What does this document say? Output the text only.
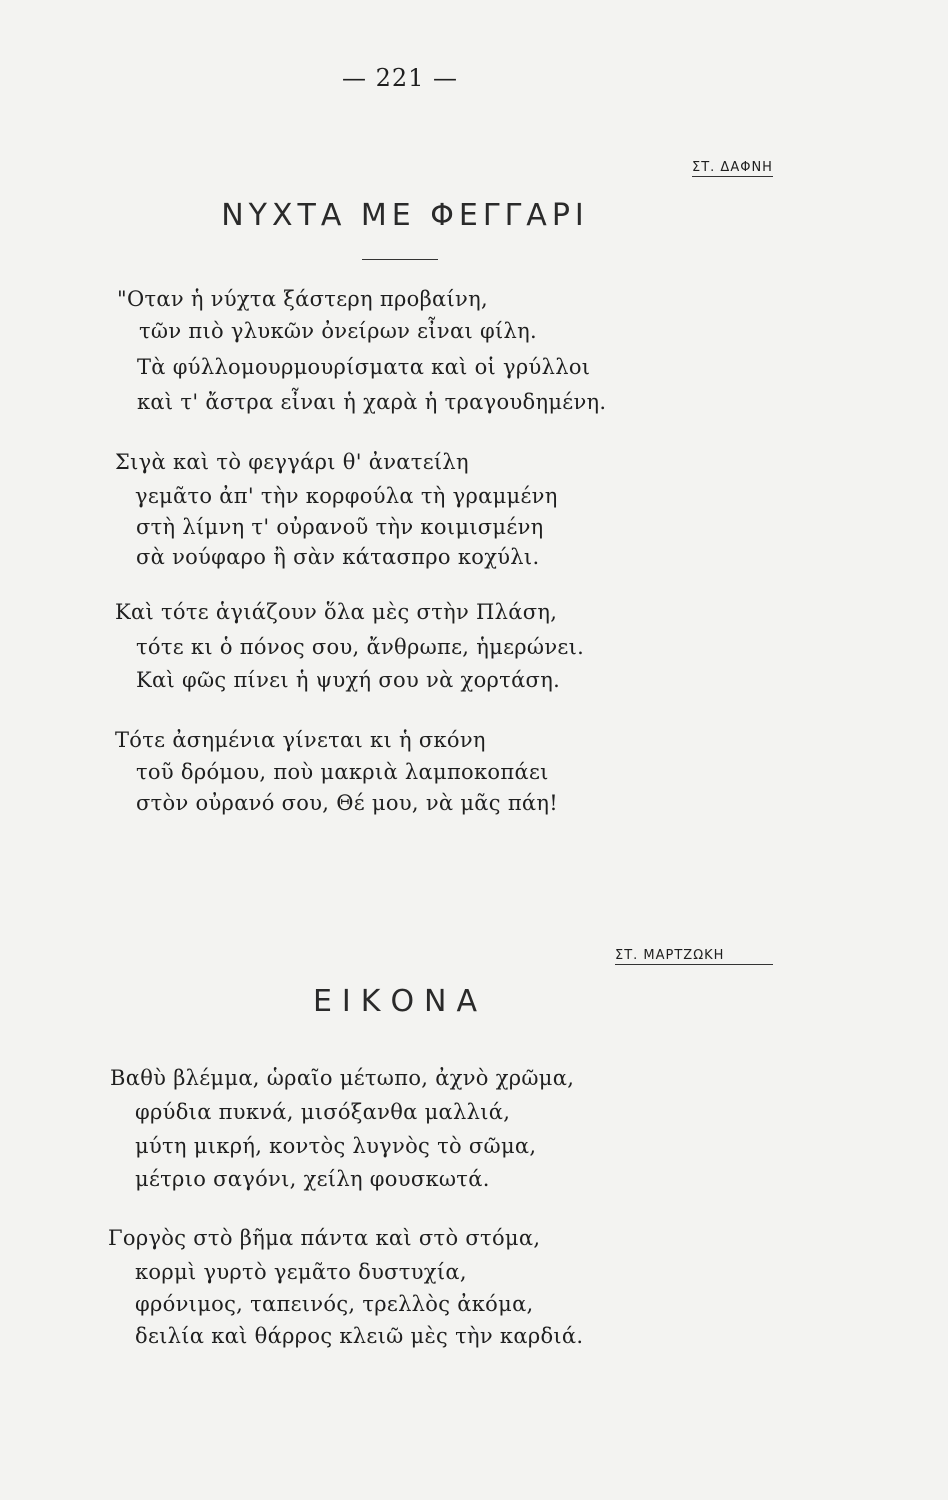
— 221 —
ΣΤ. ΔΑΦΝΗ
ΝΥΧΤΑ ΜΕ ΦΕΓΓΑΡΙ
"Οταν ἡ νύχτα ξάστερη προβαίνη,
τῶν πιὸ γλυκῶν ὀνείρων εἶναι φίλη.
Τὰ φύλλομουρμουρίσματα καὶ οἱ γρύλλοι
καὶ τ' ἄστρα εἶναι ἡ χαρὰ ἡ τραγουδημένη.
Σιγὰ καὶ τὸ φεγγάρι θ' ἀνατείλη
γεμᾶτο ἀπ' τὴν κορφούλα τὴ γραμμένη
στὴ λίμνη τ' οὐρανοῦ τὴν κοιμισμένη
σὰ νούφαρο ἢ σὰν κάτασπρο κοχύλι.
Καὶ τότε ἁγιάζουν ὅλα μὲς στὴν Πλάση,
τότε κι ὁ πόνος σου, ἄνθρωπε, ἡμερώνει.
Καὶ φῶς πίνει ἡ ψυχή σου νὰ χορτάση.
Τότε ἀσημένια γίνεται κι ἡ σκόνη
τοῦ δρόμου, ποὺ μακριὰ λαμποκοπάει
στὸν οὐρανό σου, Θέ μου, νὰ μᾶς πάη!
ΣΤ. ΜΑΡΤΖΩΚΗ
ΕΙΚΟΝΑ
Βαθὺ βλέμμα, ὡραῖο μέτωπο, ἀχνὸ χρῶμα,
φρύδια πυκνά, μισόξανθα μαλλιά,
μύτη μικρή, κοντὸς λυγνὸς τὸ σῶμα,
μέτριο σαγόνι, χείλη φουσκωτά.
Γοργὸς στὸ βῆμα πάντα καὶ στὸ στόμα,
κορμὶ γυρτὸ γεμᾶτο δυστυχία,
φρόνιμος, ταπεινός, τρελλὸς ἀκόμα,
δειλία καὶ θάρρος κλειῶ μὲς τὴν καρδιά.
